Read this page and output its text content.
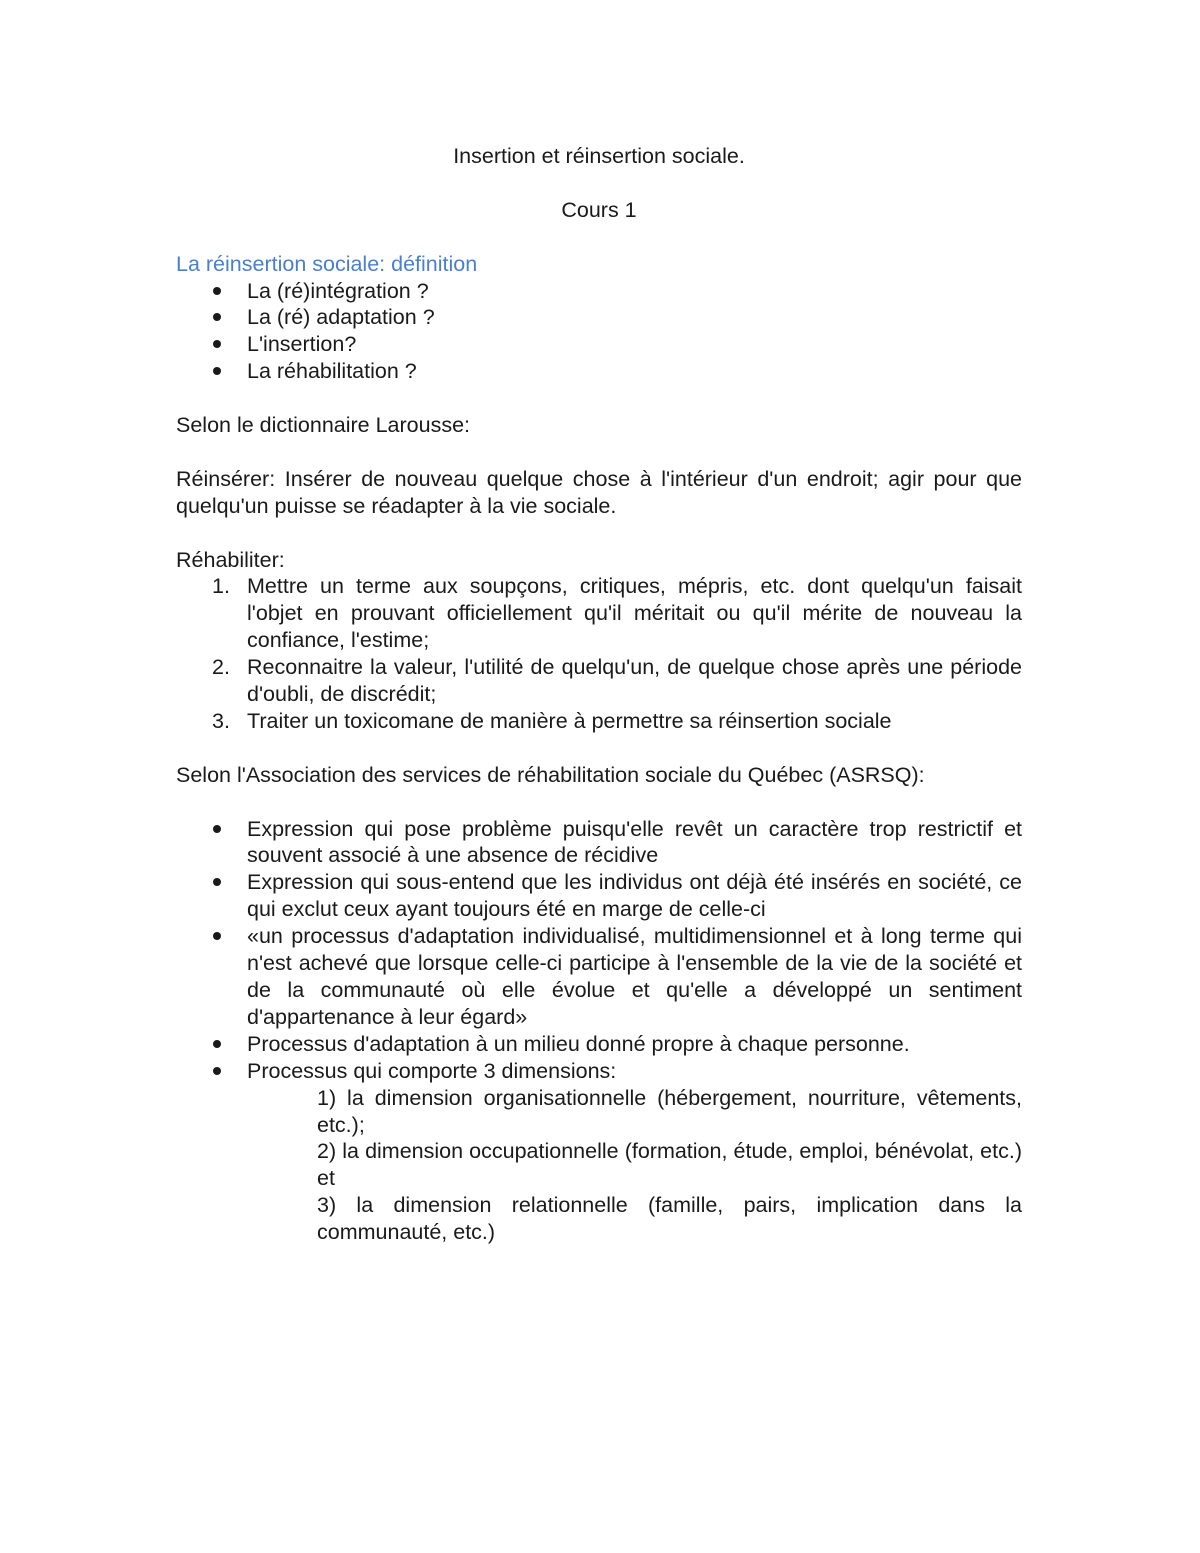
Insertion et réinsertion sociale.

Cours 1

La réinsertion sociale: définition

La (ré)intégration ?
La (ré) adaptation ?
L'insertion?
La réhabilitation ?

Selon le dictionnaire Larousse:

Réinsérer: Insérer de nouveau quelque chose à l'intérieur d'un endroit; agir pour que quelqu'un puisse se réadapter à la vie sociale.

Réhabiliter:

1. Mettre un terme aux soupçons, critiques, mépris, etc. dont quelqu'un faisait l'objet en prouvant officiellement qu'il méritait ou qu'il mérite de nouveau la confiance, l'estime;
2. Reconnaitre la valeur, l'utilité de quelqu'un, de quelque chose après une période d'oubli, de discrédit;
3. Traiter un toxicomane de manière à permettre sa réinsertion sociale

Selon l'Association des services de réhabilitation sociale du Québec (ASRSQ):

Expression qui pose problème puisqu'elle revêt un caractère trop restrictif et souvent associé à une absence de récidive
Expression qui sous-entend que les individus ont déjà été insérés en société, ce qui exclut ceux ayant toujours été en marge de celle-ci
«un processus d'adaptation individualisé, multidimensionnel et à long terme qui n'est achevé que lorsque celle-ci participe à l'ensemble de la vie de la société et de la communauté où elle évolue et qu'elle a développé un sentiment d'appartenance à leur égard»
Processus d'adaptation à un milieu donné propre à chaque personne.
Processus qui comporte 3 dimensions:

1) la dimension organisationnelle (hébergement, nourriture, vêtements, etc.);

2) la dimension occupationnelle (formation, étude, emploi, bénévolat, etc.) et

3) la dimension relationnelle (famille, pairs, implication dans la communauté, etc.)
